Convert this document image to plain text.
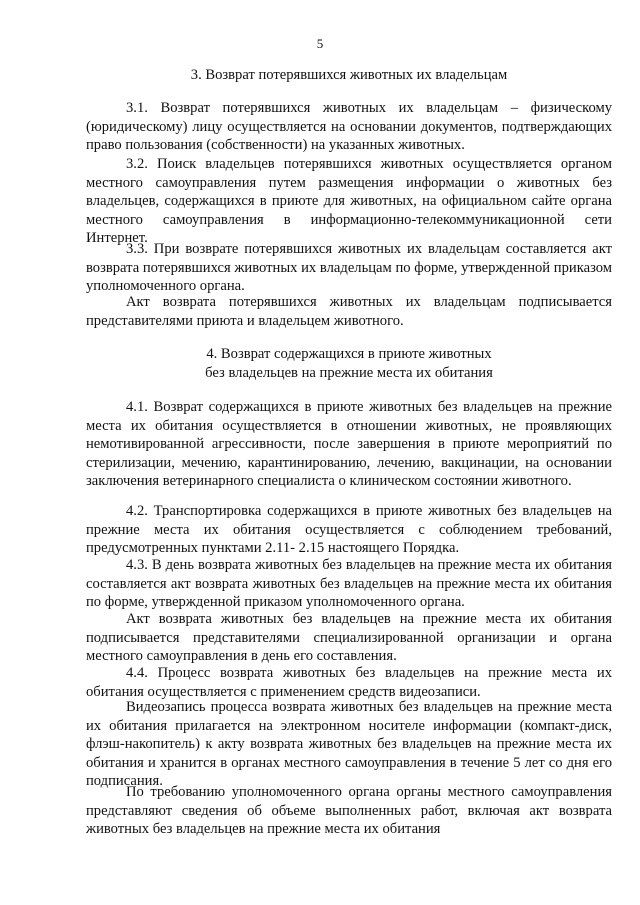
5
3. Возврат потерявшихся животных их владельцам

3.1. Возврат потерявшихся животных их владельцам – физическому (юридическому) лицу осуществляется на основании документов, подтверждающих право пользования (собственности) на указанных животных.

3.2. Поиск владельцев потерявшихся животных осуществляется органом местного самоуправления путем размещения информации о животных без владельцев, содержащихся в приюте для животных, на официальном сайте органа местного самоуправления в информационно-телекоммуникационной сети Интернет.

3.3. При возврате потерявшихся животных их владельцам составляется акт возврата потерявшихся животных их владельцам по форме, утвержденной приказом уполномоченного органа.

Акт возврата потерявшихся животных их владельцам подписывается представителями приюта и владельцем животного.

4. Возврат содержащихся в приюте животных
без владельцев на прежние места их обитания

4.1. Возврат содержащихся в приюте животных без владельцев на прежние места их обитания осуществляется в отношении животных, не проявляющих немотивированной агрессивности, после завершения в приюте мероприятий по стерилизации, мечению, карантинированию, лечению, вакцинации, на основании заключения ветеринарного специалиста о клиническом состоянии животного.

4.2. Транспортировка содержащихся в приюте животных без владельцев на прежние места их обитания осуществляется с соблюдением требований, предусмотренных пунктами 2.11- 2.15 настоящего Порядка.

4.3. В день возврата животных без владельцев на прежние места их обитания составляется акт возврата животных без владельцев на прежние места их обитания по форме, утвержденной приказом уполномоченного органа.

Акт возврата животных без владельцев на прежние места их обитания подписывается представителями специализированной организации и органа местного самоуправления в день его составления.

4.4. Процесс возврата животных без владельцев на прежние места их обитания осуществляется с применением средств видеозаписи.

Видеозапись процесса возврата животных без владельцев на прежние места их обитания прилагается на электронном носителе информации (компакт-диск, флэш-накопитель) к акту возврата животных без владельцев на прежние места их обитания и хранится в органах местного самоуправления в течение 5 лет со дня его подписания.

По требованию уполномоченного органа органы местного самоуправления представляют сведения об объеме выполненных работ, включая акт возврата животных без владельцев на прежние места их обитания
